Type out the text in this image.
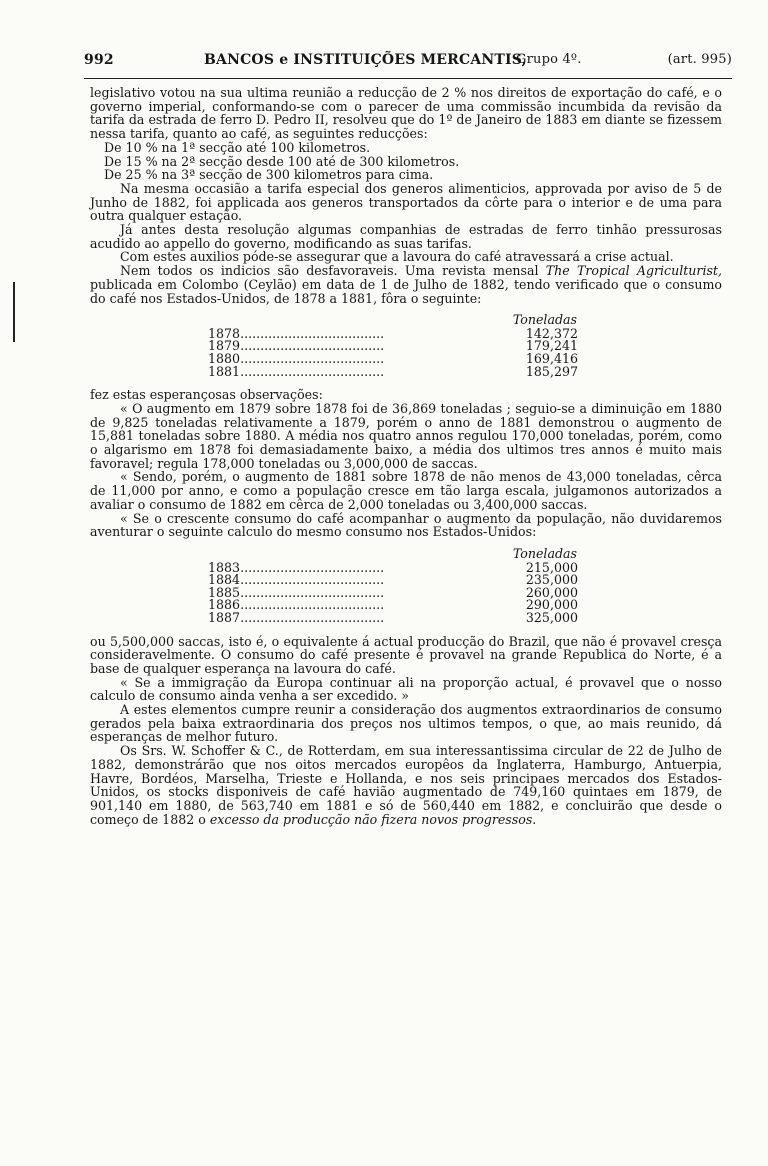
992	BANCOS e INSTITUIÇÕES MERCANTIS,
Grupo 4º.	(art. 995)

legislativo votou na sua ultima reunião a reducção de 2 % nos direitos de exportação do café, e o governo imperial, conformando-se com o parecer de uma commissão incumbida da revisão da tarifa da estrada de ferro D. Pedro II, resolveu que do 1º de Janeiro de 1883 em diante se fizessem nessa tarifa, quanto ao café, as seguintes reducções:

De 10 % na 1ª secção até 100 kilometros.

De 15 % na 2ª secção desde 100 até de 300 kilometros.

De 25 % na 3ª secção de 300 kilometros para cima.

Na mesma occasião a tarifa especial dos generos alimenticios, approvada por aviso de 5 de Junho de 1882, foi applicada aos generos transportados da côrte para o interior e de uma para outra qualquer estação.

Já antes desta resolução algumas companhias de estradas de ferro tinhão pressurosas acudido ao appello do governo, modificando as suas tarifas.

Com estes auxilios póde-se assegurar que a lavoura do café atravessará a crise actual.

Nem todos os indicios são desfavoraveis. Uma revista mensal The Tropical Agriculturist, publicada em Colombo (Ceylão) em data de 1 de Julho de 1882, tendo verificado que o consumo do café nos Estados-Unidos, de 1878 a 1881, fôra o seguinte:

	Toneladas
1878....................................	142,372
1879....................................	179,241
1880....................................	169,416
1881....................................	185,297

fez estas esperançosas observações:

« O augmento em 1879 sobre 1878 foi de 36,869 toneladas ; seguio-se a diminuição em 1880 de 9,825 toneladas relativamente a 1879, porém o anno de 1881 demonstrou o augmento de 15,881 toneladas sobre 1880. A média nos quatro annos regulou 170,000 toneladas, porém, como o algarismo em 1878 foi demasiadamente baixo, a média dos ultimos tres annos é muito mais favoravel; regula 178,000 toneladas ou 3,000,000 de saccas.

« Sendo, porém, o augmento de 1881 sobre 1878 de não menos de 43,000 toneladas, cêrca de 11,000 por anno, e como a população cresce em tão larga escala, julgamonos autorizados a avaliar o consumo de 1882 em cêrca de 2,000 toneladas ou 3,400,000 saccas.

« Se o crescente consumo do café acompanhar o augmento da população, não duvidaremos aventurar o seguinte calculo do mesmo consumo nos Estados-Unidos:

	Toneladas
1883....................................	215,000
1884....................................	235,000
1885....................................	260,000
1886....................................	290,000
1887....................................	325,000

ou 5,500,000 saccas, isto é, o equivalente á actual producção do Brazil, que não é provavel cresça consideravelmente. O consumo do café presente é provavel na grande Republica do Norte, é a base de qualquer esperança na lavoura do café.

« Se a immigração da Europa continuar ali na proporção actual, é provavel que o nosso calculo de consumo ainda venha a ser excedido. »

A estes elementos cumpre reunir a consideração dos augmentos extraordinarios de consumo gerados pela baixa extraordinaria dos preços nos ultimos tempos, o que, ao mais reunido, dá esperanças de melhor futuro.

Os Srs. W. Schoffer & C., de Rotterdam, em sua interessantissima circular de 22 de Julho de 1882, demonstrárão que nos oitos mercados europêos da Inglaterra, Hamburgo, Antuerpia, Havre, Bordéos, Marselha, Trieste e Hollanda, e nos seis principaes mercados dos Estados-Unidos, os stocks disponiveis de café havião augmentado de 749,160 quintaes em 1879, de 901,140 em 1880, de 563,740 em 1881 e só de 560,440 em 1882, e concluirão que desde o começo de 1882 o excesso da producção não fizera novos progressos.
